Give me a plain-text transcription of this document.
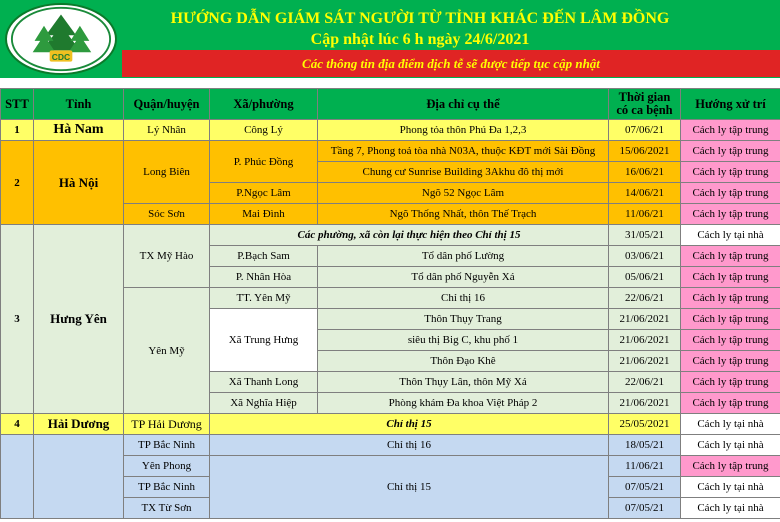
CDC
HƯỚNG DẪN GIÁM SÁT NGƯỜI TỪ TỈNH KHÁC ĐẾN LÂM ĐỒNG
Cập nhật lúc 6 h ngày 24/6/2021
Các thông tin địa điểm dịch tễ sẽ được tiếp tục cập nhật
STT	Tỉnh	Quận/huyện	Xã/phường	Địa chỉ cụ thể	Thời gian có ca bệnh	Hướng xử trí
1	Hà Nam	Lý Nhân	Công Lý	Phong tỏa thôn Phú Đa 1,2,3	07/06/21	Cách ly tập trung
2	Hà Nội	Long Biên	P. Phúc Đồng	Tầng 7, Phong toả tòa nhà N03A, thuộc KĐT mới Sài Đồng	15/06/2021	Cách ly tập trung
				Chung cư Sunrise Building 3Akhu đô thị mới	16/06/21	Cách ly tập trung
			P.Ngọc Lâm	Ngõ 52 Ngọc Lâm	14/06/21	Cách ly tập trung
		Sóc Sơn	Mai Đình	Ngõ Thống Nhất, thôn Thế Trạch	11/06/21	Cách ly tập trung
3	Hưng Yên	TX Mỹ Hào	Các phường, xã còn lại thực hiện theo Chỉ thị 15		31/05/21	Cách ly tại nhà
			P.Bạch Sam	Tổ dân phố Lường	03/06/21	Cách ly tập trung
			P. Nhân Hòa	Tổ dân phố Nguyễn Xá	05/06/21	Cách ly tập trung
		Yên Mỹ	TT. Yên Mỹ	Chỉ thị 16	22/06/21	Cách ly tập trung
			Xã Trung Hưng	Thôn Thụy Trang	21/06/2021	Cách ly tập trung
				siêu thị Big C, khu phố 1	21/06/2021	Cách ly tập trung
				Thôn Đạo Khê	21/06/2021	Cách ly tập trung
			Xã Thanh Long	Thôn Thụy Lân, thôn Mỹ Xá	22/06/21	Cách ly tập trung
			Xã Nghĩa Hiệp	Phòng khám Đa khoa Việt Pháp 2	21/06/2021	Cách ly tập trung
4	Hải Dương	TP Hải Dương	Chỉ thị 15		25/05/2021	Cách ly tại nhà
		TP Bắc Ninh	Chỉ thị 16		18/05/21	Cách ly tại nhà
		Yên Phong	Chỉ thị 15		11/06/21	Cách ly tập trung
		TP Bắc Ninh			07/05/21	Cách ly tại nhà
		TX Từ Sơn			07/05/21	Cách ly tại nhà
